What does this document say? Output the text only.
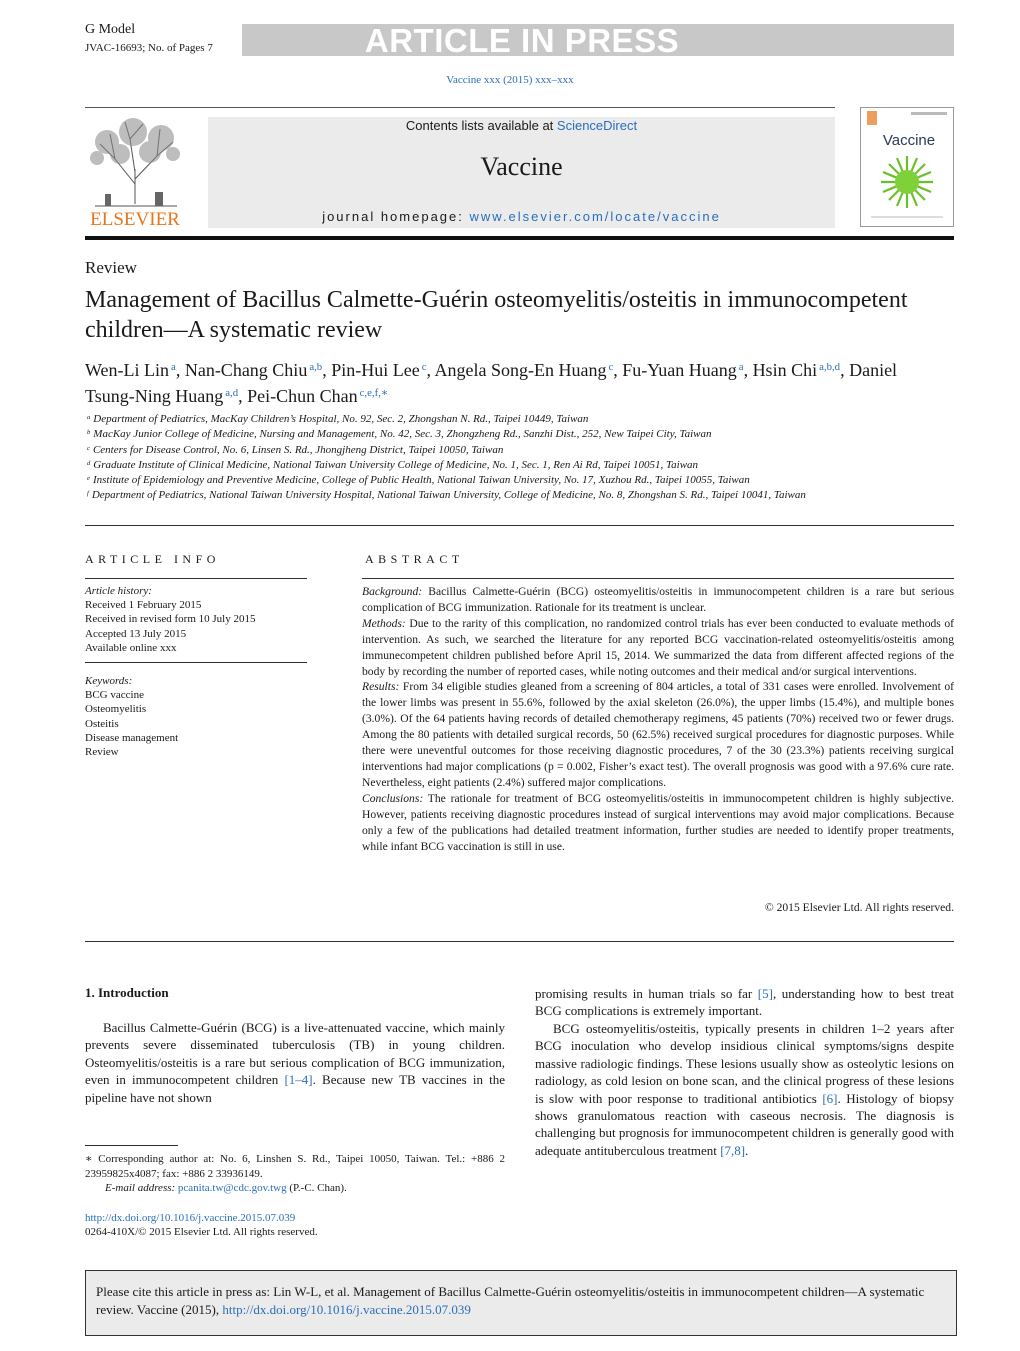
G Model
JVAC-16693; No. of Pages 7	ARTICLE IN PRESS
Vaccine xxx (2015) xxx–xxx
ELSEVIER
Contents lists available at ScienceDirect
Vaccine
journal homepage: www.elsevier.com/locate/vaccine
Vaccine
Review
Management of Bacillus Calmette-Guérin osteomyelitis/osteitis in immunocompetent children—A systematic review
Wen-Li Lin $^a$, Nan-Chang Chiu $^{a,b}$, Pin-Hui Lee $^c$, Angela Song-En Huang $^c$, Fu-Yuan Huang $^a$, Hsin Chi $^{a,b,d}$, Daniel Tsung-Ning Huang $^{a,d}$, Pei-Chun Chan $^{c,e,f,∗}$
$^a$ Department of Pediatrics, MacKay Children’s Hospital, No. 92, Sec. 2, Zhongshan N. Rd., Taipei 10449, Taiwan
$^b$ MacKay Junior College of Medicine, Nursing and Management, No. 42, Sec. 3, Zhongzheng Rd., Sanzhi Dist., 252, New Taipei City, Taiwan
$^c$ Centers for Disease Control, No. 6, Linsen S. Rd., Jhongjheng District, Taipei 10050, Taiwan
$^d$ Graduate Institute of Clinical Medicine, National Taiwan University College of Medicine, No. 1, Sec. 1, Ren Ai Rd, Taipei 10051, Taiwan
$^e$ Institute of Epidemiology and Preventive Medicine, College of Public Health, National Taiwan University, No. 17, Xuzhou Rd., Taipei 10055, Taiwan
$^f$ Department of Pediatrics, National Taiwan University Hospital, National Taiwan University, College of Medicine, No. 8, Zhongshan S. Rd., Taipei 10041, Taiwan
ARTICLE INFO
Article history:
Received 1 February 2015
Received in revised form 10 July 2015
Accepted 13 July 2015
Available online xxx
Keywords:
BCG vaccine
Osteomyelitis
Osteitis
Disease management
Review
ABSTRACT

Background: Bacillus Calmette-Guérin (BCG) osteomyelitis/osteitis in immunocompetent children is a rare but serious complication of BCG immunization. Rationale for its treatment is unclear.

Methods: Due to the rarity of this complication, no randomized control trials has ever been conducted to evaluate methods of intervention. As such, we searched the literature for any reported BCG vaccination-related osteomyelitis/osteitis among immunecompetent children published before April 15, 2014. We summarized the data from different affected regions of the body by recording the number of reported cases, while noting outcomes and their medical and/or surgical interventions.

Results: From 34 eligible studies gleaned from a screening of 804 articles, a total of 331 cases were enrolled. Involvement of the lower limbs was present in 55.6%, followed by the axial skeleton (26.0%), the upper limbs (15.4%), and multiple bones (3.0%). Of the 64 patients having records of detailed chemotherapy regimens, 45 patients (70%) received two or fewer drugs. Among the 80 patients with detailed surgical records, 50 (62.5%) received surgical procedures for diagnostic purposes. While there were uneventful outcomes for those receiving diagnostic procedures, 7 of the 30 (23.3%) patients receiving surgical interventions had major complications (p = 0.002, Fisher’s exact test). The overall prognosis was good with a 97.6% cure rate. Nevertheless, eight patients (2.4%) suffered major complications.

Conclusions: The rationale for treatment of BCG osteomyelitis/osteitis in immunocompetent children is highly subjective. However, patients receiving diagnostic procedures instead of surgical interventions may avoid major complications. Because only a few of the publications had detailed treatment information, further studies are needed to identify proper treatments, while infant BCG vaccination is still in use.

© 2015 Elsevier Ltd. All rights reserved.
1. Introduction
Bacillus Calmette-Guérin (BCG) is a live-attenuated vaccine, which mainly prevents severe disseminated tuberculosis (TB) in young children. Osteomyelitis/osteitis is a rare but serious complication of BCG immunization, even in immunocompetent children [1–4]. Because new TB vaccines in the pipeline have not shown
promising results in human trials so far [5], understanding how to best treat BCG complications is extremely important.
BCG osteomyelitis/osteitis, typically presents in children 1–2 years after BCG inoculation who develop insidious clinical symptoms/signs despite massive radiologic findings. These lesions usually show as osteolytic lesions on radiology, as cold lesion on bone scan, and the clinical progress of these lesions is slow with poor response to traditional antibiotics [6]. Histology of biopsy shows granulomatous reaction with caseous necrosis. The diagnosis is challenging but prognosis for immunocompetent children is generally good with adequate antituberculous treatment [7,8].
∗ Corresponding author at: No. 6, Linshen S. Rd., Taipei 10050, Taiwan. Tel.: +886 2 23959825x4087; fax: +886 2 33936149.
E-mail address: pcanita.tw@cdc.gov.twg (P.-C. Chan).
http://dx.doi.org/10.1016/j.vaccine.2015.07.039
0264-410X/© 2015 Elsevier Ltd. All rights reserved.
Please cite this article in press as: Lin W-L, et al. Management of Bacillus Calmette-Guérin osteomyelitis/osteitis in immunocompetent children—A systematic review. Vaccine (2015), http://dx.doi.org/10.1016/j.vaccine.2015.07.039
